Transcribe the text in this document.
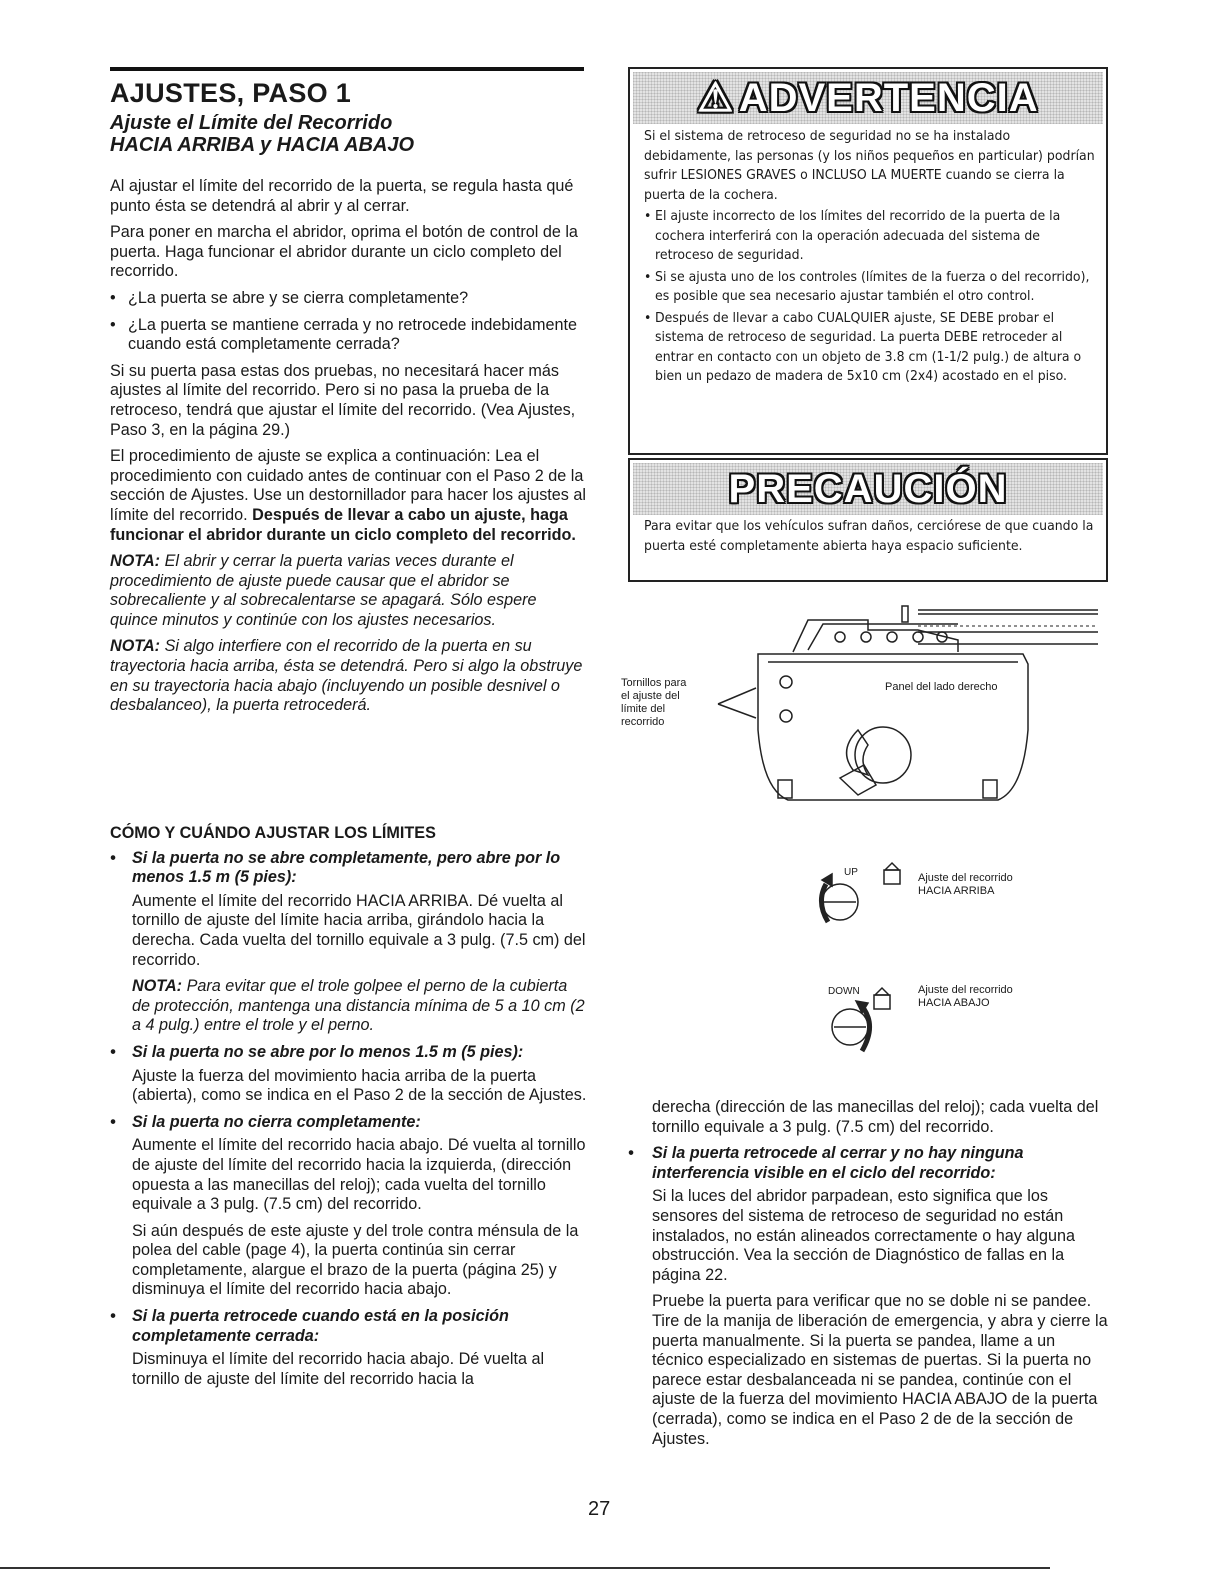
AJUSTES, PASO 1
Ajuste el Límite del Recorrido
HACIA ARRIBA y HACIA ABAJO

Al ajustar el límite del recorrido de la puerta, se regula hasta qué punto ésta se detendrá al abrir y al cerrar.

Para poner en marcha el abridor, oprima el botón de control de la puerta. Haga funcionar el abridor durante un ciclo completo del recorrido.

• ¿La puerta se abre y se cierra completamente?

• ¿La puerta se mantiene cerrada y no retrocede indebidamente cuando está completamente cerrada?

Si su puerta pasa estas dos pruebas, no necesitará hacer más ajustes al límite del recorrido. Pero si no pasa la prueba de la retroceso, tendrá que ajustar el límite del recorrido. (Vea Ajustes, Paso 3, en la página 29.)

El procedimiento de ajuste se explica a continuación: Lea el procedimiento con cuidado antes de continuar con el Paso 2 de la sección de Ajustes. Use un destornillador para hacer los ajustes al límite del recorrido. Después de llevar a cabo un ajuste, haga funcionar el abridor durante un ciclo completo del recorrido.

NOTA: El abrir y cerrar la puerta varias veces durante el procedimiento de ajuste puede causar que el abridor se sobrecaliente y al sobrecalentarse se apagará. Sólo espere quince minutos y continúe con los ajustes necesarios.

NOTA: Si algo interfiere con el recorrido de la puerta en su trayectoria hacia arriba, ésta se detendrá. Pero si algo la obstruye en su trayectoria hacia abajo (incluyendo un posible desnivel o desbalanceo), la puerta retrocederá.

CÓMO Y CUÁNDO AJUSTAR LOS LÍMITES

• Si la puerta no se abre completamente, pero abre por lo menos 1.5 m (5 pies):

Aumente el límite del recorrido HACIA ARRIBA. Dé vuelta al tornillo de ajuste del límite hacia arriba, girándolo hacia la derecha. Cada vuelta del tornillo equivale a 3 pulg. (7.5 cm) del recorrido.

NOTA: Para evitar que el trole golpee el perno de la cubierta de protección, mantenga una distancia mínima de 5 a 10 cm (2 a 4 pulg.) entre el trole y el perno.

• Si la puerta no se abre por lo menos 1.5 m (5 pies):

Ajuste la fuerza del movimiento hacia arriba de la puerta (abierta), como se indica en el Paso 2 de la sección de Ajustes.

• Si la puerta no cierra completamente:

Aumente el límite del recorrido hacia abajo. Dé vuelta al tornillo de ajuste del límite del recorrido hacia la izquierda, (dirección opuesta a las manecillas del reloj); cada vuelta del tornillo equivale a 3 pulg. (7.5 cm) del recorrido.

Si aún después de este ajuste y del trole contra ménsula de la polea del cable (page 4), la puerta continúa sin cerrar completamente, alargue el brazo de la puerta (página 25) y disminuya el límite del recorrido hacia abajo.

• Si la puerta retrocede cuando está en la posición completamente cerrada:

Disminuya el límite del recorrido hacia abajo. Dé vuelta al tornillo de ajuste del límite del recorrido hacia la

⚠ ADVERTENCIA

Si el sistema de retroceso de seguridad no se ha instalado debidamente, las personas (y los niños pequeños en particular) podrían sufrir LESIONES GRAVES o INCLUSO LA MUERTE cuando se cierra la puerta de la cochera.

• El ajuste incorrecto de los límites del recorrido de la puerta de la cochera interferirá con la operación adecuada del sistema de retroceso de seguridad.

• Si se ajusta uno de los controles (límites de la fuerza o del recorrido), es posible que sea necesario ajustar también el otro control.

• Después de llevar a cabo CUALQUIER ajuste, SE DEBE probar el sistema de retroceso de seguridad. La puerta DEBE retroceder al entrar en contacto con un objeto de 3.8 cm (1-1/2 pulg.) de altura o bien un pedazo de madera de 5x10 cm (2x4) acostado en el piso.

PRECAUCIÓN

Para evitar que los vehículos sufran daños, cerciórese de que cuando la puerta esté completamente abierta haya espacio suficiente.

Tornillos para
el ajuste del
límite del
recorrido
Panel del lado derecho
UP	Ajuste del recorrido
HACIA ARRIBA
DOWN	Ajuste del recorrido
HACIA ABAJO

derecha (dirección de las manecillas del reloj); cada vuelta del tornillo equivale a 3 pulg. (7.5 cm) del recorrido.

• Si la puerta retrocede al cerrar y no hay ninguna interferencia visible en el ciclo del recorrido:

Si la luces del abridor parpadean, esto significa que los sensores del sistema de retroceso de seguridad no están instalados, no están alineados correctamente o hay alguna obstrucción. Vea la sección de Diagnóstico de fallas en la página 22.

Pruebe la puerta para verificar que no se doble ni se pandee. Tire de la manija de liberación de emergencia, y abra y cierre la puerta manualmente. Si la puerta se pandea, llame a un técnico especializado en sistemas de puertas. Si la puerta no parece estar desbalanceada ni se pandea, continúe con el ajuste de la fuerza del movimiento HACIA ABAJO de la puerta (cerrada), como se indica en el Paso 2 de de la sección de Ajustes.

27
